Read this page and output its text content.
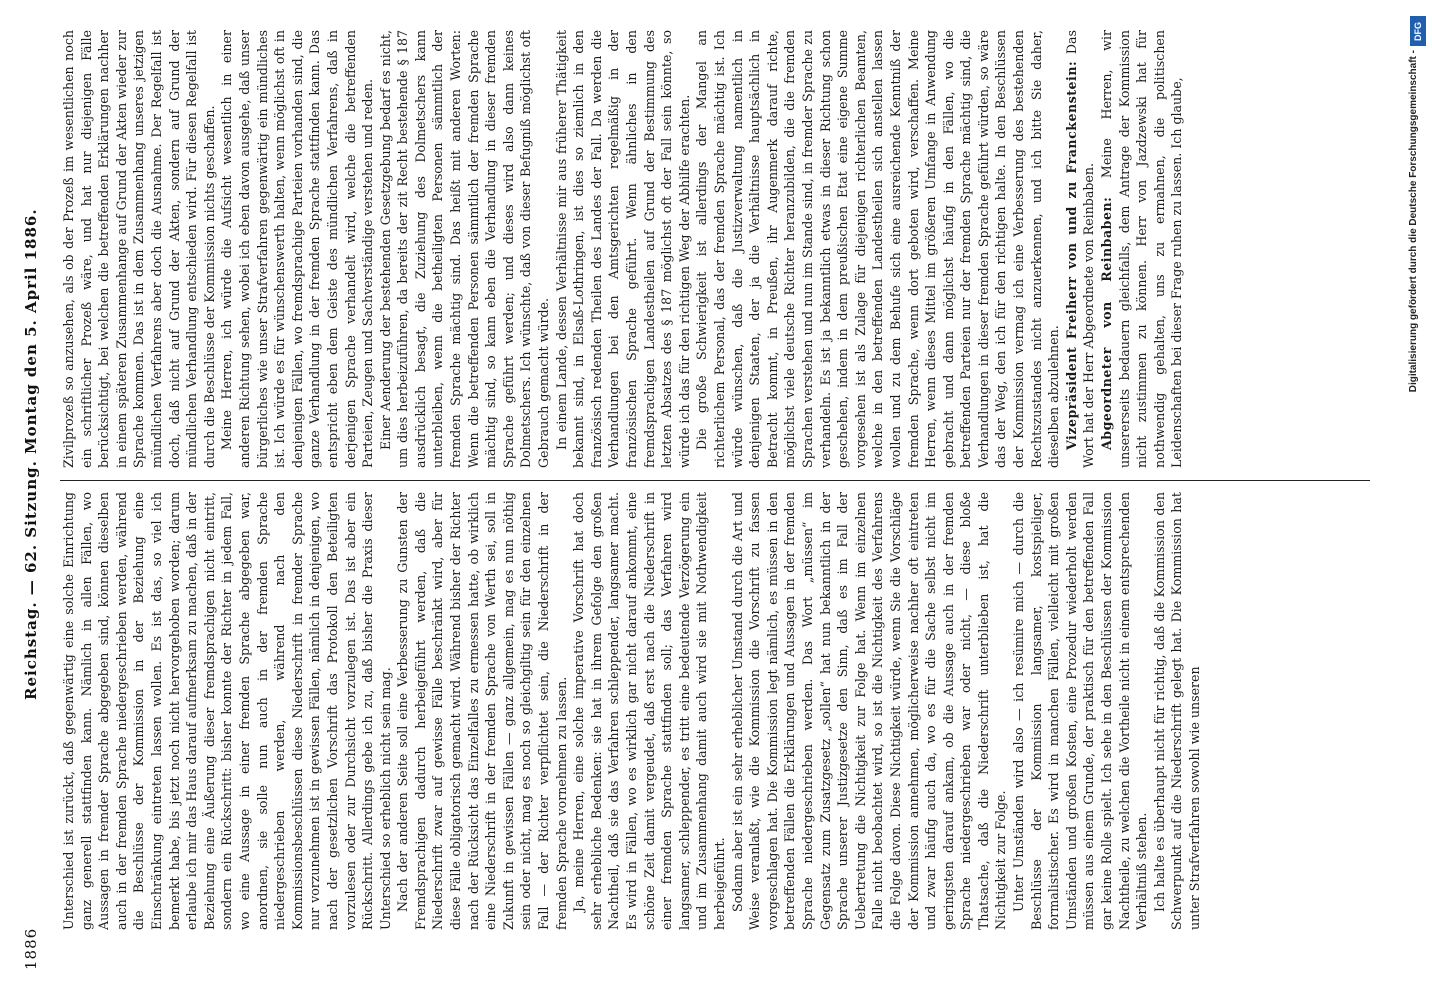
1886
Reichstag. — 62. Sitzung. Montag den 5. April 1886.

Unterschied ist zurückt, daß gegenwärtig eine solche Einrichtung ganz generell stattfinden kann. Nämlich in allen Fällen, wo Aussagen in fremder Sprache abgegeben sind, können dieselben auch in der fremden Sprache niedergeschrieben werden, während die Beschlüsse der Kommission in der Beziehung eine Einschränkung eintreten lassen wollen. Es ist das, so viel ich bemerkt habe, bis jetzt noch nicht hervorgehoben worden; darum erlaube ich mir das Haus darauf aufmerksam zu machen, daß in der Beziehung eine Äußerung dieser fremdsprachigen nicht eintritt, sondern ein Rückschritt: bisher konnte der Richter in jedem Fall, wo eine Aussage in einer fremden Sprache abgegeben war, anordnen, sie solle nun auch in der fremden Sprache niedergeschrieben werden, während nach den Kommissionsbeschlüssen diese Niederschrift in fremder Sprache nur vorzunehmen ist in gewissen Fällen, nämlich in denjenigen, wo nach der gesetzlichen Vorschrift das Protokoll den Beteiligten vorzulesen oder zur Durchsicht vorzulegen ist. Das ist aber ein Rückschritt. Allerdings gebe ich zu, daß bisher die Praxis dieser Unterschied so erheblich nicht sein mag. Nach der anderen Seite soll eine Verbesserung zu Gunsten der Fremdsprachigen dadurch herbeigeführt werden, daß die Niederschrift zwar auf gewisse Fälle beschränkt wird, aber für diese Fälle obligatorisch gemacht wird. Während bisher der Richter nach der Rücksicht das Einzelfalles zu ermessen hatte, ob wirklich eine Niederschrift in der fremden Sprache von Werth sei, soll in Zukunft in gewissen Fällen — ganz allgemein, mag es nun nöthig sein oder nicht, mag es noch so gleichgiltig sein für den einzelnen Fall — der Richter verpflichtet sein, die Niederschrift in der fremden Sprache vornehmen zu lassen. Ja, meine Herren, eine solche imperative Vorschrift hat doch sehr erhebliche Bedenken: sie hat in ihrem Gefolge den großen Nachtheil, daß sie das Verfahren schleppender, langsamer macht. Es wird in Fällen, wo es wirklich gar nicht darauf ankommt, eine schöne Zeit damit vergeudet, daß erst nach die Niederschrift in einer fremden Sprache stattfinden soll; das Verfahren wird langsamer, schleppender, es tritt eine bedeutende Verzögerung ein und im Zusammenhang damit auch wird sie mit Nothwendigkeit herbeigeführt. Sodann aber ist ein sehr erheblicher Umstand durch die Art und Weise veranlaßt, wie die Kommission die Vorschrift zu fassen vorgeschlagen hat. Die Kommission legt nämlich, es müssen in den betreffenden Fällen die Erklärungen und Aussagen in der fremden Sprache niedergeschrieben werden. Das Wort „müssen“ im Gegensatz zum Zusatzgesetz „sollen“ hat nun bekanntlich in der Sprache unserer Justizgesetze den Sinn, daß es im Fall der Uebertretung die Nichtigkeit zur Folge hat. Wenn im einzelnen Falle nicht beobachtet wird, so ist die Nichtigkeit des Verfahrens die Folge davon. Diese Nichtigkeit würde, wenn Sie die Vorschläge der Kommission annehmen, möglicherweise nachher oft eintreten und zwar häufig auch da, wo es für die Sache selbst nicht im geringsten darauf ankam, ob die Aussage auch in der fremden Sprache niedergeschrieben war oder nicht, — diese bloße Thatsache, daß die Niederschrift unterblieben ist, hat die Nichtigkeit zur Folge. Unter Umständen wird also — ich resümire mich — durch die Beschlüsse der Kommission langsamer, kostspieliger, formalistischer. Es wird in manchen Fällen, vielleicht mit großen Umständen und großen Kosten, eine Prozedur wiederholt werden müssen aus einem Grunde, der praktisch für den betreffenden Fall gar keine Rolle spielt. Ich sehe in den Beschlüssen der Kommission Nachtheile, zu welchen die Vortheile nicht in einem entsprechenden Verhältniß stehen. Ich halte es überhaupt nicht für richtig, daß die Kommission den Schwerpunkt auf die Niederschrift gelegt hat. Die Kommission hat unter Strafverfahren sowohl wie unseren

Zivilprozeß so anzusehen, als ob der Prozeß im wesentlichen noch ein schriftlicher Prozeß wäre, und hat nur diejenigen Fälle berücksichtigt, bei welchen die betreffenden Erklärungen nachher in einem späteren Zusammenhange auf Grund der Akten wieder zur Sprache kommen. Das ist in dem Zusammenhang unseres jetzigen mündlichen Verfahrens aber doch die Ausnahme. Der Regelfall ist doch, daß nicht auf Grund der Akten, sondern auf Grund der mündlichen Verhandlung entschieden wird. Für diesen Regelfall ist durch die Beschlüsse der Kommission nichts geschaffen. Meine Herren, ich würde die Aufsicht wesentlich in einer anderen Richtung sehen, wobei ich eben davon ausgehe, daß unser bürgerliches wie unser Strafverfahren gegenwärtig ein mündliches ist. Ich würde es für wünschenswerth halten, wenn möglichst oft in denjenigen Fällen, wo fremdsprachige Parteien vorhanden sind, die ganze Verhandlung in der fremden Sprache stattfinden kann. Das entspricht eben dem Geiste des mündlichen Verfahrens, daß in derjenigen Sprache verhandelt wird, welche die betreffenden Parteien, Zeugen und Sachverständige verstehen und reden. Einer Aenderung der bestehenden Gesetzgebung bedarf es nicht, um dies herbeizuführen, da bereits der zit Recht bestehende § 187 ausdrücklich besagt, die Zuziehung des Dolmetschers kann unterbleiben, wenn die betheiligten Personen sämmtlich der fremden Sprache mächtig sind. Das heißt mit anderen Worten: Wenn die betreffenden Personen sämmtlich der fremden Sprache mächtig sind, so kann eben die Verhandlung in dieser fremden Sprache geführt werden; und dieses wird also dann keines Dolmetschers. Ich wünschte, daß von dieser Befugniß möglichst oft Gebrauch gemacht würde. In einem Lande, dessen Verhältnisse mir aus früherer Thätigkeit bekannt sind, in Elsaß-Lothringen, ist dies so ziemlich in den französisch redenden Theilen des Landes der Fall. Da werden die Verhandlungen bei den Amtsgerichten regelmäßig in der französischen Sprache geführt. Wenn ähnliches in den fremdsprachigen Landestheilen auf Grund der Bestimmung des letzten Absatzes des § 187 möglichst oft der Fall sein könnte, so würde ich das für den richtigen Weg der Abhilfe erachten. Die große Schwierigkeit ist allerdings der Mangel an richterlichem Personal, das der fremden Sprache mächtig ist. Ich würde wünschen, daß die Justizverwaltung namentlich in denjenigen Staaten, der ja die Verhältnisse hauptsächlich in Betracht kommt, in Preußen, ihr Augenmerk darauf richte, möglichst viele deutsche Richter heranzubilden, die die fremden Sprachen verstehen und nun im Stande sind, in fremder Sprache zu verhandeln. Es ist ja bekanntlich etwas in dieser Richtung schon geschehen, indem in dem preußischen Etat eine eigene Summe vorgesehen ist als Zulage für diejenigen richterlichen Beamten, welche in den betreffenden Landestheilen sich anstellen lassen wollen und zu dem Behufe sich eine ausreichende Kenntniß der fremden Sprache, wenn dort geboten wird, verschaffen. Meine Herren, wenn dieses Mittel im größeren Umfange in Anwendung gebracht und dann möglichst häufig in den Fällen, wo die betreffenden Parteien nur der fremden Sprache mächtig sind, die Verhandlungen in dieser fremden Sprache geführt würden, so wäre das der Weg, den ich für den richtigen halte. In den Beschlüssen der Kommission vermag ich eine Verbesserung des bestehenden Rechtszustandes nicht anzuerkennen, und ich bitte Sie daher, dieselben abzulehnen. Vizepräsident Freiherr von und zu Franckenstein: Das Wort hat der Herr Abgeordnete von Reinbaben. Abgeordneter von Reinbaben: Meine Herren, wir unsererseits bedauern gleichfalls, dem Antrage der Kommission nicht zustimmen zu können. Herr von Jazdzewski hat für nothwendig gehalten, uns zu ermahnen, die politischen Leidenschaften bei dieser Frage ruhen zu lassen. Ich glaube,

DFG
Digitalisierung gefördert durch die Deutsche Forschungsgemeinschaft -
